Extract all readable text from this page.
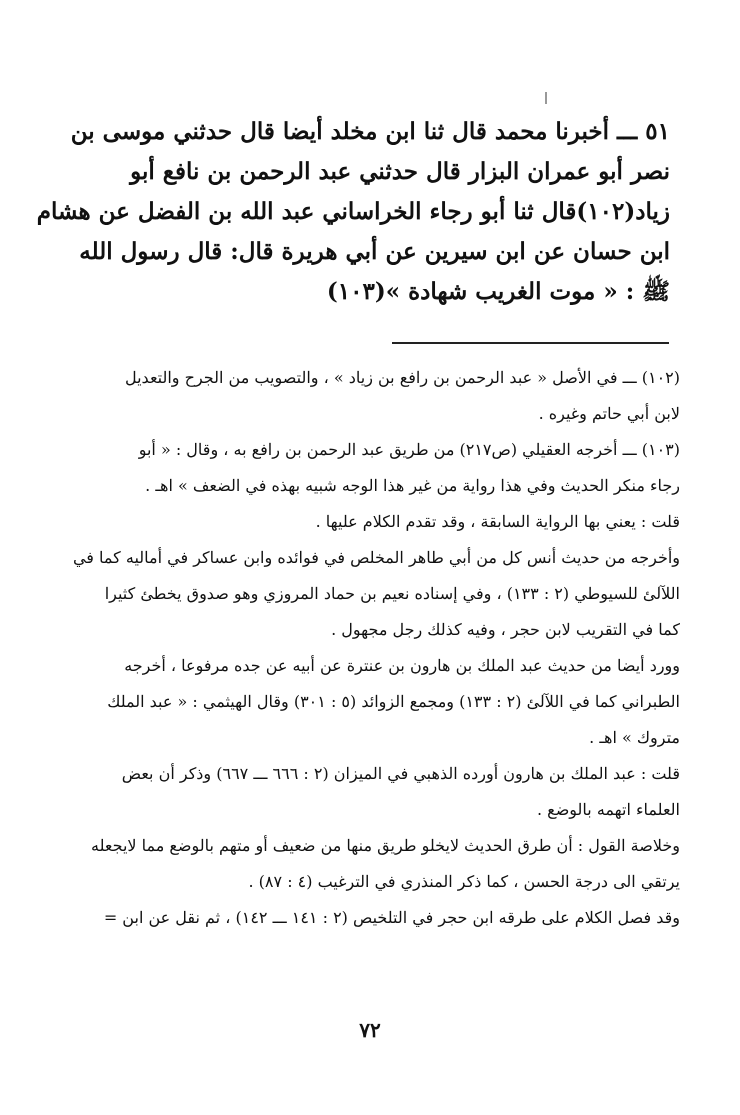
٥١ ـــ أخبرنا محمد قال ثنا ابن مخلد أيضا قال حدثني موسى بن
نصر أبو عمران البزار قال حدثني عبد الرحمن بن نافع أبو
زياد(١٠٢)قال ثنا أبو رجاء الخراساني عبد الله بن الفضل عن هشام
ابن حسان عن ابن سيرين عن أبي هريرة قال: قال رسول الله
ﷺ : « موت الغريب شهادة »(١٠٣)
(١٠٢) ـــ في الأصل « عبد الرحمن بن رافع بن زياد » ، والتصويب من الجرح والتعديل
لابن أبي حاتم وغيره .
(١٠٣) ـــ أخرجه العقيلي (ص٢١٧) من طريق عبد الرحمن بن رافع به ، وقال : « أبو
رجاء منكر الحديث وفي هذا رواية من غير هذا الوجه شبيه بهذه في الضعف » اهـ .
قلت : يعني بها الرواية السابقة ، وقد تقدم الكلام عليها .
وأخرجه من حديث أنس كل من أبي طاهر المخلص في فوائده وابن عساكر في أماليه كما في
اللآلئ للسيوطي (٢ : ١٣٣) ، وفي إسناده نعيم بن حماد المروزي وهو صدوق يخطئ كثيرا
كما في التقريب لابن حجر ، وفيه كذلك رجل مجهول .
وورد أيضا من حديث عبد الملك بن هارون بن عنترة عن أبيه عن جده مرفوعا ، أخرجه
الطبراني كما في اللآلئ (٢ : ١٣٣) ومجمع الزوائد (٥ : ٣٠١) وقال الهيثمي : « عبد الملك
متروك » اهـ .
قلت : عبد الملك بن هارون أورده الذهبي في الميزان (٢ : ٦٦٦ ـــ ٦٦٧) وذكر أن بعض
العلماء اتهمه بالوضع .
وخلاصة القول : أن طرق الحديث لايخلو طريق منها من ضعيف أو متهم بالوضع مما لايجعله
يرتقي الى درجة الحسن ، كما ذكر المنذري في الترغيب (٤ : ٨٧) .
وقد فصل الكلام على طرقه ابن حجر في التلخيص (٢ : ١٤١ ـــ ١٤٢) ، ثم نقل عن ابن =
٧٢
